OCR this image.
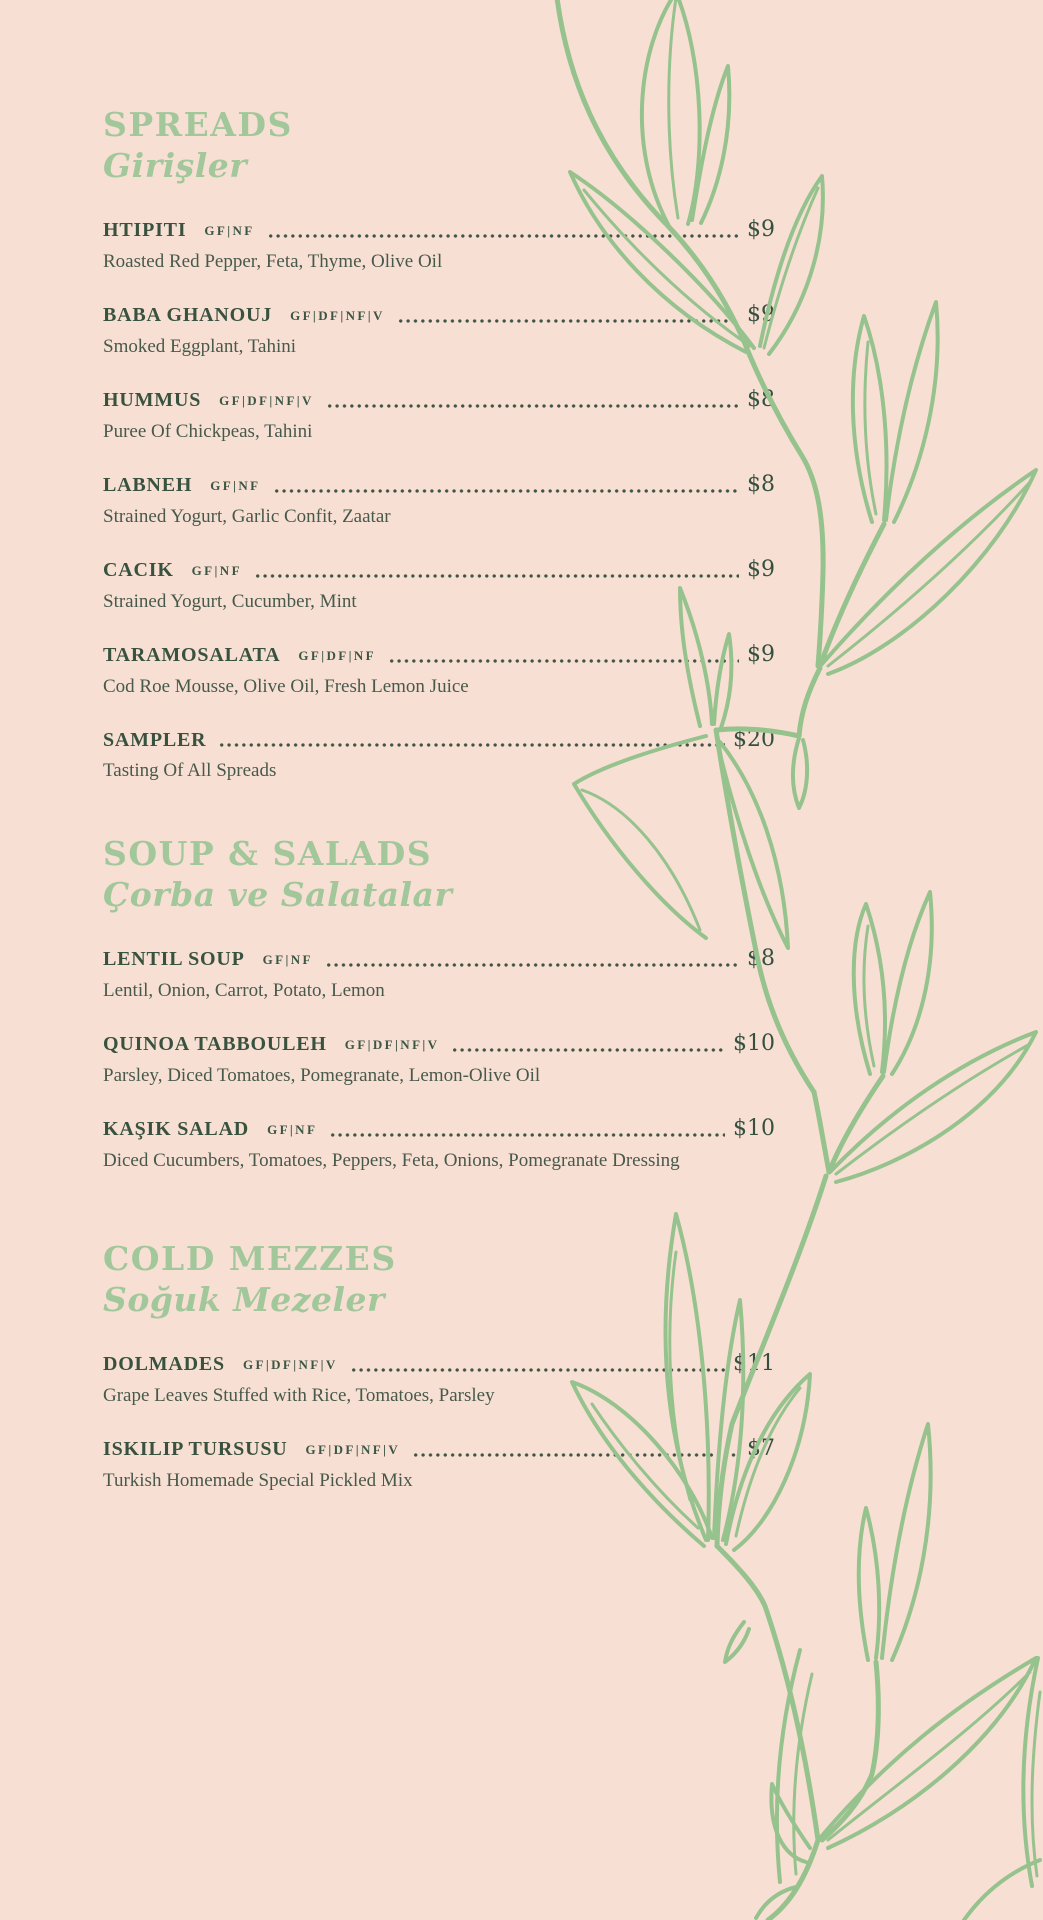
SPREADS
Girişler
HTIPITI GF|NF	$9

Roasted Red Pepper, Feta, Thyme, Olive Oil

BABA GHANOUJ GF|DF|NF|V	$9

Smoked Eggplant, Tahini

HUMMUS GF|DF|NF|V	$8

Puree Of Chickpeas, Tahini

LABNEH GF|NF	$8

Strained Yogurt, Garlic Confit, Zaatar

CACIK GF|NF	$9

Strained Yogurt, Cucumber, Mint

TARAMOSALATA GF|DF|NF	$9

Cod Roe Mousse, Olive Oil, Fresh Lemon Juice

SAMPLER	$20

Tasting Of All Spreads

SOUP & SALADS
Çorba ve Salatalar
LENTIL SOUP GF|NF	$8

Lentil, Onion, Carrot, Potato, Lemon

QUINOA TABBOULEH GF|DF|NF|V	$10

Parsley, Diced Tomatoes, Pomegranate, Lemon-Olive Oil

KAŞIK SALAD GF|NF	$10

Diced Cucumbers, Tomatoes, Peppers, Feta, Onions, Pomegranate Dressing

COLD MEZZES
Soğuk Mezeler
DOLMADES GF|DF|NF|V	$11

Grape Leaves Stuffed with Rice, Tomatoes, Parsley

ISKILIP TURSUSU GF|DF|NF|V	$7

Turkish Homemade Special Pickled Mix
